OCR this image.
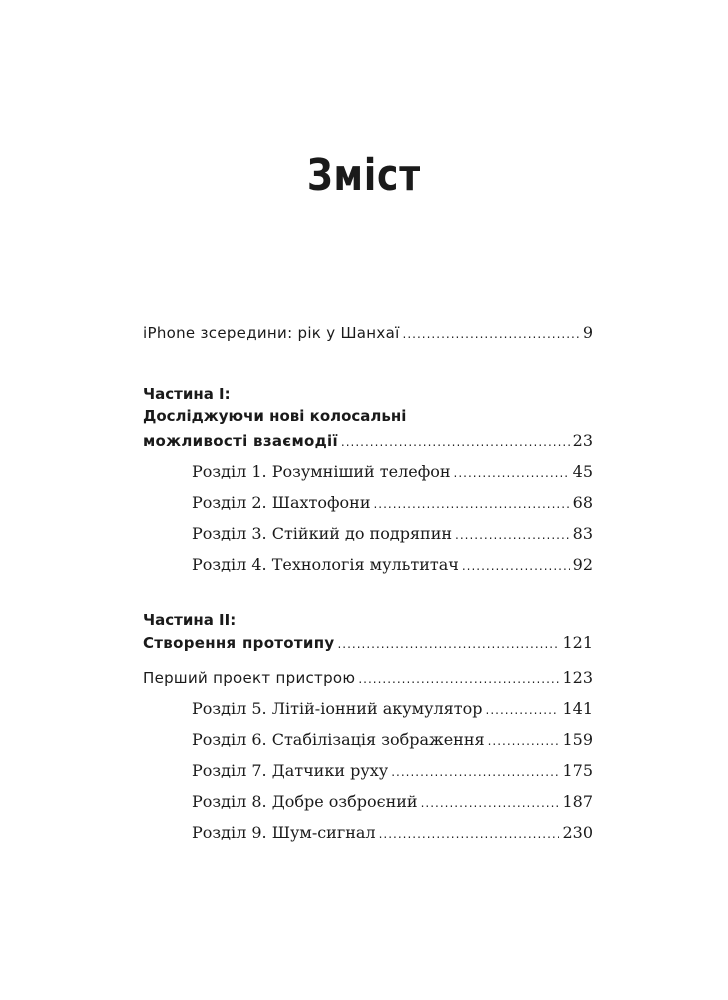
Зміст
iPhone зсередини: рік у Шанхаї .....	9
Частина I:
Досліджуючи нові колосальні
можливості взаємодії .....	23
Розділ 1. Розумніший телефон .....	45
Розділ 2. Шахтофони .....	68
Розділ 3. Стійкий до подряпин .....	83
Розділ 4. Технологія мультитач .....	92
Частина II:
Створення прототипу .....	121
Перший проект пристрою .....	123
Розділ 5. Літій-іонний акумулятор .....	141
Розділ 6. Стабілізація зображення .....	159
Розділ 7. Датчики руху .....	175
Розділ 8. Добре озброєний .....	187
Розділ 9. Шум-сигнал .....	230
